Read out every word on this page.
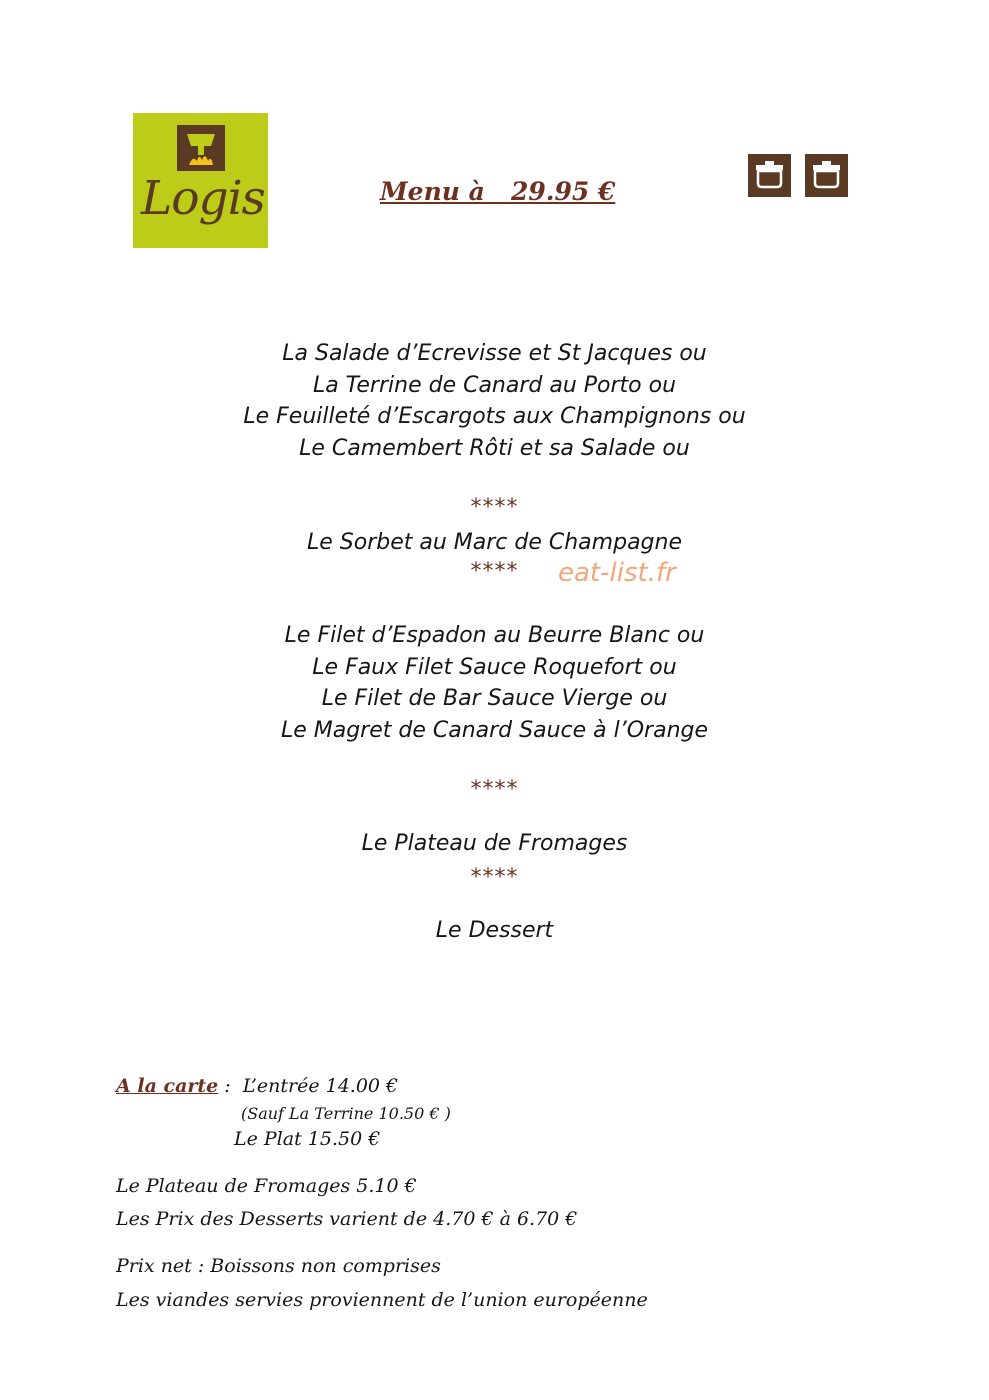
Logis	Menu à   29.95 €
La Salade d’Ecrevisse et St Jacques ou
La Terrine de Canard au Porto ou
Le Feuilleté d’Escargots aux Champignons ou
Le Camembert Rôti et sa Salade ou
****
Le Sorbet au Marc de Champagne
****	eat-list.fr
Le Filet d’Espadon au Beurre Blanc ou
Le Faux Filet Sauce Roquefort ou
Le Filet de Bar Sauce Vierge ou
Le Magret de Canard Sauce à l’Orange
****
Le Plateau de Fromages
****
Le Dessert
A la carte :  L’entrée 14.00 €
(Sauf La Terrine 10.50 € )
Le Plat 15.50 €
Le Plateau de Fromages 5.10 €
Les Prix des Desserts varient de 4.70 € à 6.70 €
Prix net : Boissons non comprises
Les viandes servies proviennent de l’union européenne
